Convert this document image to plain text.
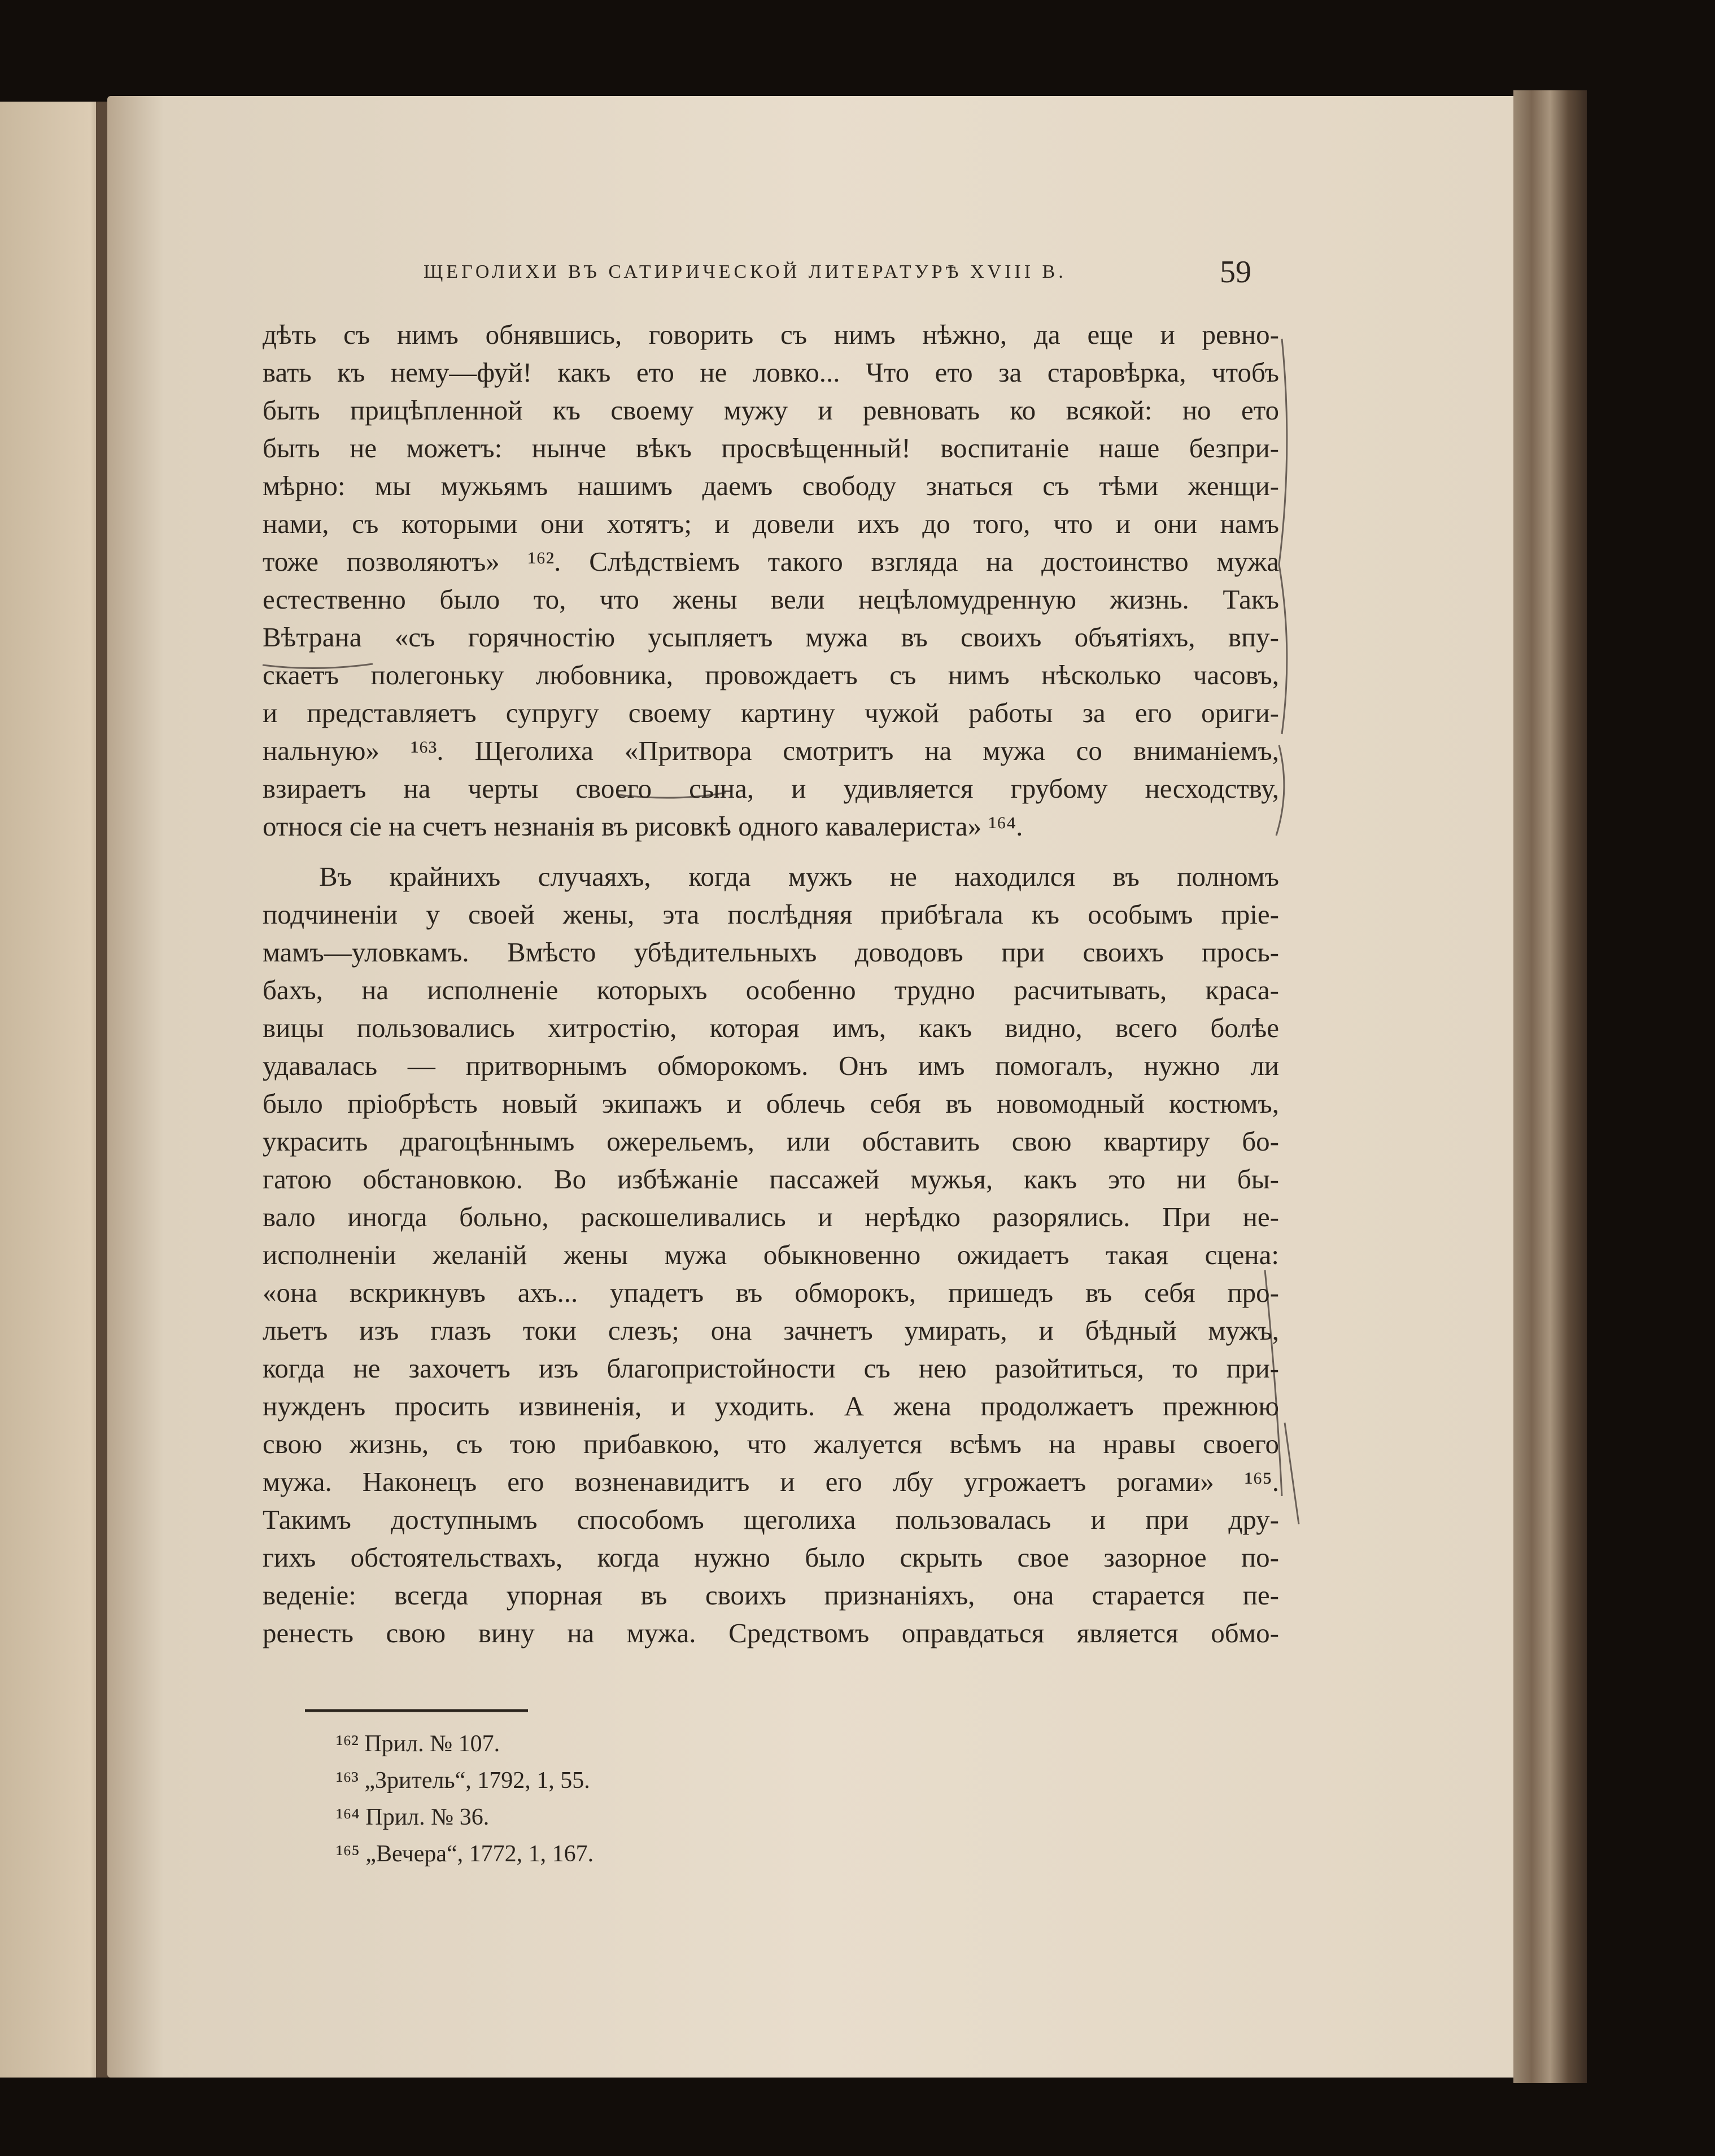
ЩЕГОЛИХИ ВЪ САТИРИЧЕСКОЙ ЛИТЕРАТУРѢ XVIII В.	59
дѣть съ нимъ обнявшись, говорить съ нимъ нѣжно, да еще и ревно-
вать къ нему—фуй! какъ ето не ловко... Что ето за старовѣрка, чтобъ
быть прицѣпленной къ своему мужу и ревновать ко всякой: но ето
быть не можетъ: нынче вѣкъ просвѣщенный! воспитаніе наше безпри-
мѣрно: мы мужьямъ нашимъ даемъ свободу знаться съ тѣми женщи-
нами, съ которыми они хотятъ; и довели ихъ до того, что и они намъ
тоже позволяютъ» ¹⁶². Слѣдствіемъ такого взгляда на достоинство мужа
естественно было то, что жены вели нецѣломудренную жизнь. Такъ
Вѣтрана «съ горячностію усыпляетъ мужа въ своихъ объятіяхъ, впу-
скаетъ полегоньку любовника, провождаетъ съ нимъ нѣсколько часовъ,
и представляетъ супругу своему картину чужой работы за его ориги-
нальную» ¹⁶³. Щеголиха «Притвора смотритъ на мужа со вниманіемъ,
взираетъ на черты своего сына, и удивляется грубому несходству,
относя сіе на счетъ незнанія въ рисовкѣ одного кавалериста» ¹⁶⁴.
Въ крайнихъ случаяхъ, когда мужъ не находился въ полномъ
подчиненіи у своей жены, эта послѣдняя прибѣгала къ особымъ пріе-
мамъ—уловкамъ. Вмѣсто убѣдительныхъ доводовъ при своихъ прось-
бахъ, на исполненіе которыхъ особенно трудно расчитывать, краса-
вицы пользовались хитростію, которая имъ, какъ видно, всего болѣе
удавалась — притворнымъ обморокомъ. Онъ имъ помогалъ, нужно ли
было пріобрѣсть новый экипажъ и облечь себя въ новомодный костюмъ,
украсить драгоцѣннымъ ожерельемъ, или обставить свою квартиру бо-
гатою обстановкою. Во избѣжаніе пассажей мужья, какъ это ни бы-
вало иногда больно, раскошеливались и нерѣдко разорялись. При не-
исполненіи желаній жены мужа обыкновенно ожидаетъ такая сцена:
«она вскрикнувъ ахъ... упадетъ въ обморокъ, пришедъ въ себя про-
льетъ изъ глазъ токи слезъ; она зачнетъ умирать, и бѣдный мужъ,
когда не захочетъ изъ благопристойности съ нею разойтиться, то при-
нужденъ просить извиненія, и уходить. А жена продолжаетъ прежнюю
свою жизнь, съ тою прибавкою, что жалуется всѣмъ на нравы своего
мужа. Наконецъ его возненавидитъ и его лбу угрожаетъ рогами» ¹⁶⁵.
Такимъ доступнымъ способомъ щеголиха пользовалась и при дру-
гихъ обстоятельствахъ, когда нужно было скрыть свое зазорное по-
веденіе: всегда упорная въ своихъ признаніяхъ, она старается пе-
ренесть свою вину на мужа. Средствомъ оправдаться является обмо-
¹⁶² Прил. № 107.
¹⁶³ „Зритель“, 1792, 1, 55.
¹⁶⁴ Прил. № 36.
¹⁶⁵ „Вечера“, 1772, 1, 167.
